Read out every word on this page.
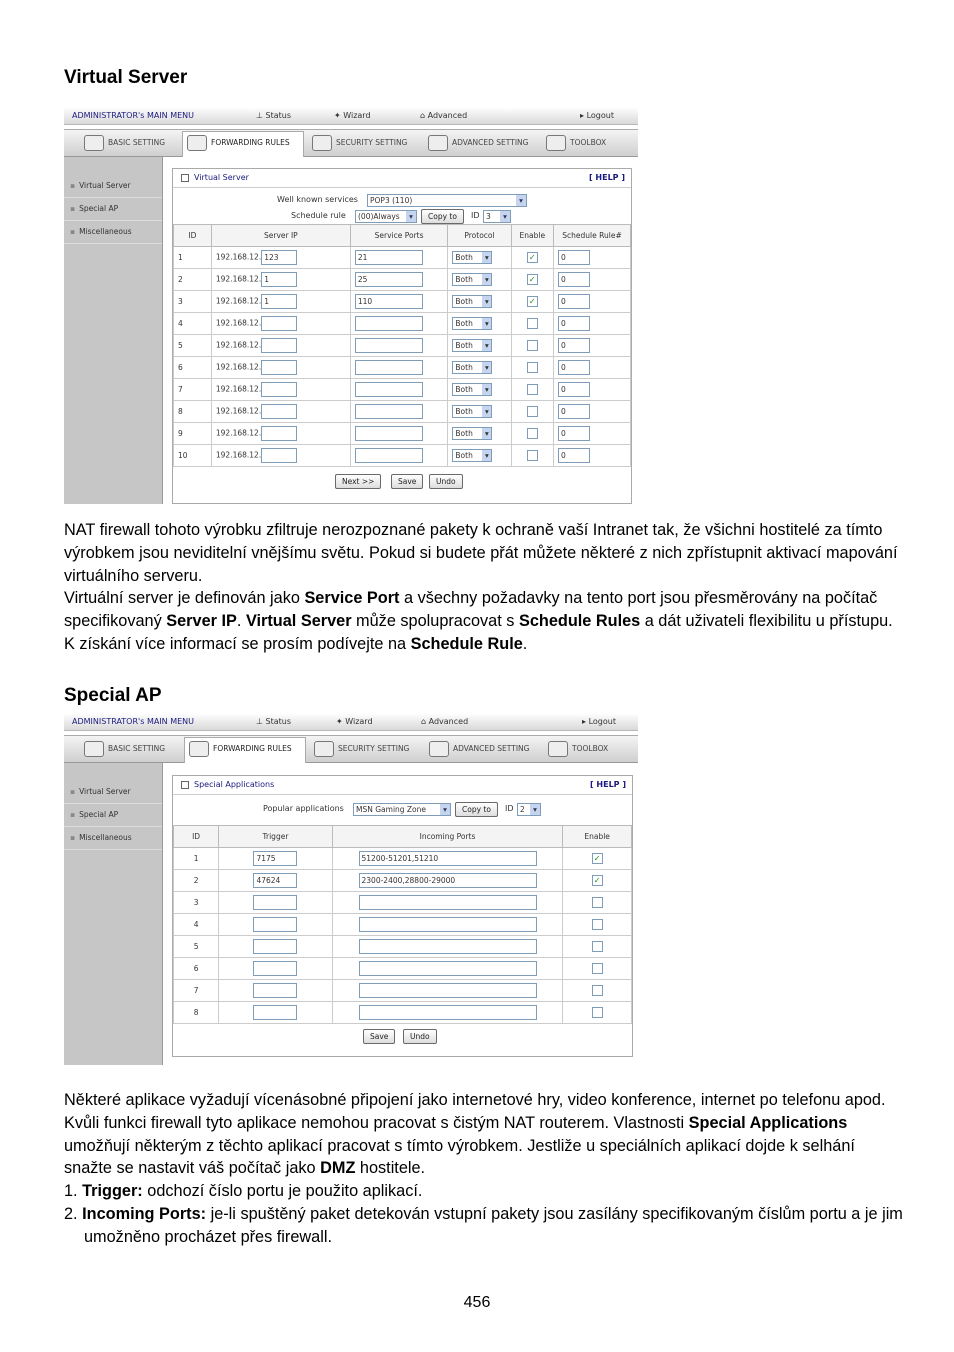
Virtual Server
ADMINISTRATOR's MAIN MENU	⊥ Status	✦ Wizard	⌂ Advanced	▸ Logout
BASIC SETTING	FORWARDING RULES	SECURITY SETTING	ADVANCED SETTING	TOOLBOX
▪ Virtual Server
▪ Special AP
▪ Miscellaneous
Virtual Server	[ HELP ]
Well known services	POP3 (110) ▾
Schedule rule	(00)Always ▾	Copy to	ID 3 ▾
ID	Server IP	Service Ports	Protocol	Enable	Schedule Rule#
1	192.168.12. 123	21	Both ▾	✓	0
2	192.168.12. 1	25	Both ▾	✓	0
3	192.168.12. 1	110	Both ▾	✓	0
4	192.168.12.		Both ▾		0
5	192.168.12.		Both ▾		0
6	192.168.12.		Both ▾		0
7	192.168.12.		Both ▾		0
8	192.168.12.		Both ▾		0
9	192.168.12.		Both ▾		0
10	192.168.12.		Both ▾		0
Next >>	Save	Undo

NAT firewall tohoto výrobku zfiltruje nerozpoznané pakety k ochraně vaší Intranet tak, že všichni hostitelé za tímto výrobkem jsou neviditelní vnějšímu světu. Pokud si budete přát můžete některé z nich zpřístupnit aktivací mapování virtuálního serveru.

Virtuální server je definován jako Service Port a všechny požadavky na tento port jsou přesměrovány na počítač specifikovaný Server IP. Virtual Server může spolupracovat s Schedule Rules a dát uživateli flexibilitu u přístupu. K získání více informací se prosím podívejte na Schedule Rule.

Special AP
ADMINISTRATOR's MAIN MENU	⊥ Status	✦ Wizard	⌂ Advanced	▸ Logout
BASIC SETTING	FORWARDING RULES	SECURITY SETTING	ADVANCED SETTING	TOOLBOX
▪ Virtual Server
▪ Special AP
▪ Miscellaneous
Special Applications	[ HELP ]
Popular applications	MSN Gaming Zone ▾	Copy to	ID 2 ▾
ID	Trigger	Incoming Ports	Enable
1	7175	51200-51201,51210	✓
2	47624	2300-2400,28800-29000	✓
3			
4			
5			
6			
7			
8			
Save	Undo

Některé aplikace vyžadují vícenásobné připojení jako internetové hry, video konference, internet po telefonu apod. Kvůli funkci firewall tyto aplikace nemohou pracovat s čistým NAT routerem. Vlastnosti Special Applications umožňují některým z těchto aplikací pracovat s tímto výrobkem. Jestliže u speciálních aplikací dojde k selhání snažte se nastavit váš počítač jako DMZ hostitele.

1. Trigger: odchozí číslo portu je použito aplikací.

2. Incoming Ports: je-li spuštěný paket detekován vstupní pakety jsou zasílány specifikovaným číslům portu a je jim umožněno procházet přes firewall.

456
